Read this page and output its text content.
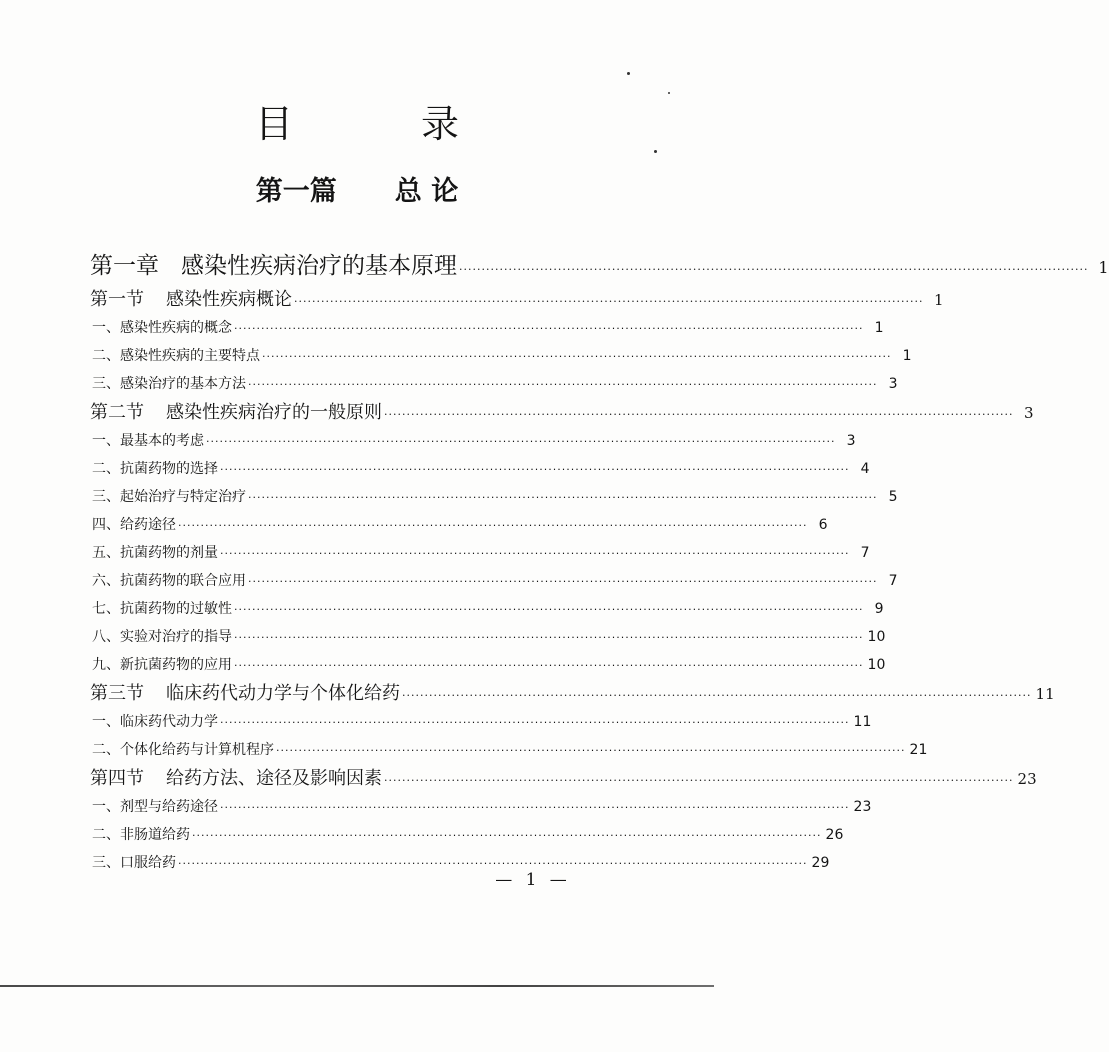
目 录
第一篇 总 论
第一章 感染性疾病治疗的基本原理 ············································································································································ 1
第一节 感染性疾病概论 ············································································································································ 1
一、感染性疾病的概念 ············································································································································ 1
二、感染性疾病的主要特点 ············································································································································ 1
三、感染治疗的基本方法 ············································································································································ 3
第二节 感染性疾病治疗的一般原则 ············································································································································ 3
一、最基本的考虑 ············································································································································ 3
二、抗菌药物的选择 ············································································································································ 4
三、起始治疗与特定治疗 ············································································································································ 5
四、给药途径 ············································································································································ 6
五、抗菌药物的剂量 ············································································································································ 7
六、抗菌药物的联合应用 ············································································································································ 7
七、抗菌药物的过敏性 ············································································································································ 9
八、实验对治疗的指导 ············································································································································ 10
九、新抗菌药物的应用 ············································································································································ 10
第三节 临床药代动力学与个体化给药 ············································································································································ 11
一、临床药代动力学 ············································································································································ 11
二、个体化给药与计算机程序 ············································································································································ 21
第四节 给药方法、途径及影响因素 ············································································································································ 23
一、剂型与给药途径 ············································································································································ 23
二、非肠道给药 ············································································································································ 26
三、口服给药 ············································································································································ 29
— 1 —
